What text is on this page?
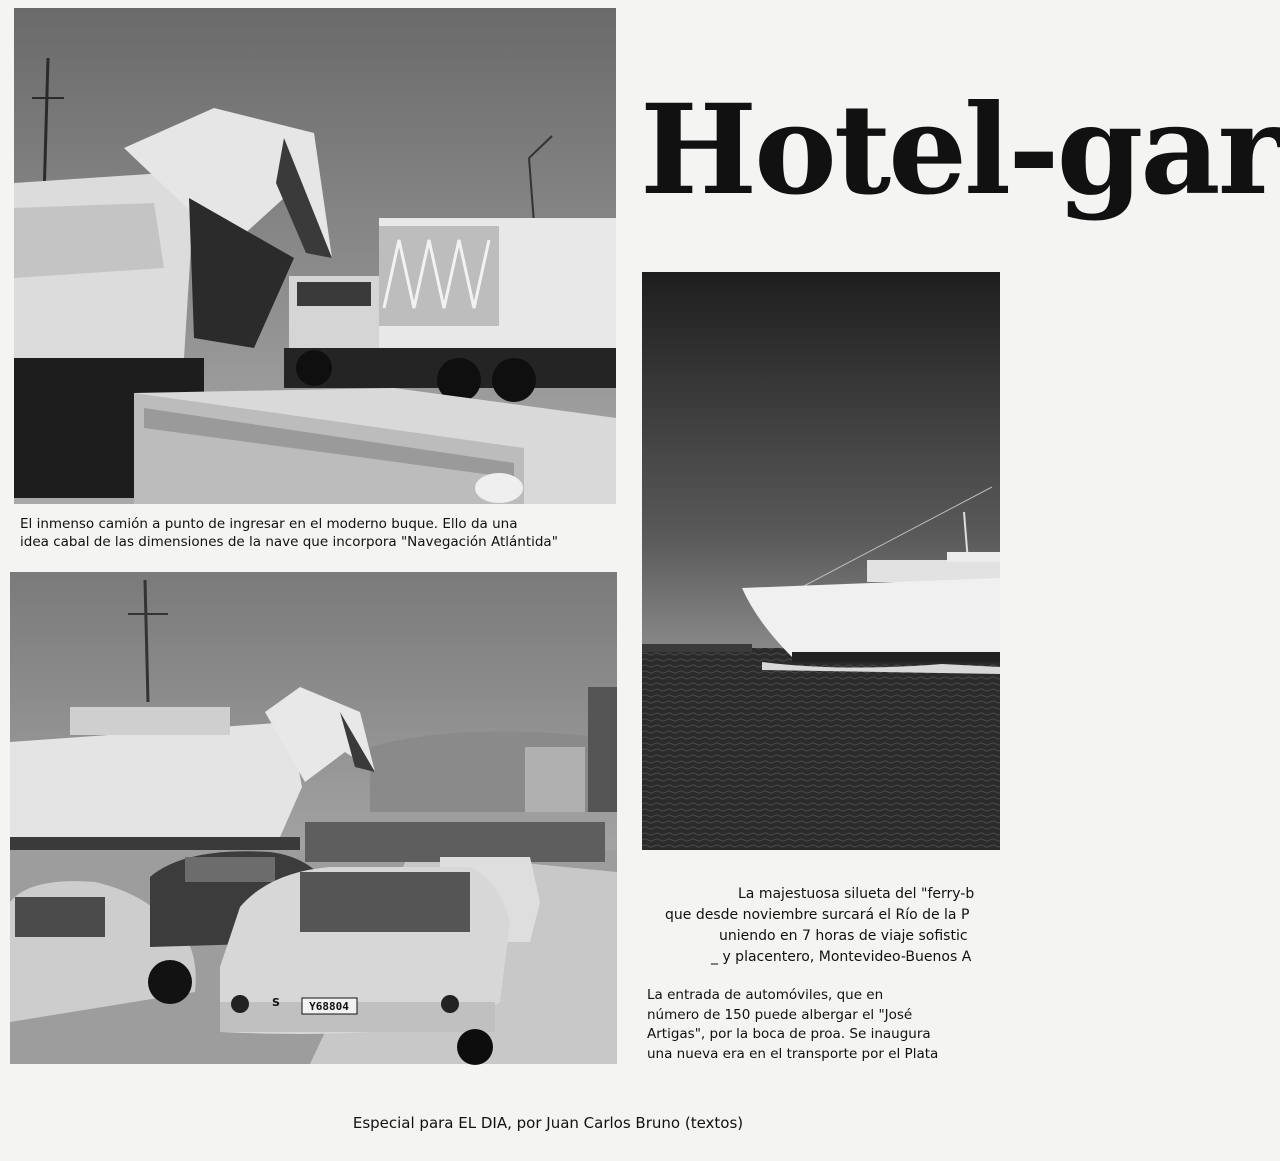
El inmenso camión a punto de ingresar en el moderno buque. Ello da una
idea cabal de las dimensiones de la nave que incorpora "Navegación Atlántida"

Y68804
S
Hotel-gar

La majestuosa silueta del "ferry-b
que desde noviembre surcará el Río de la P
uniendo en 7 horas de viaje sofistic
_ y placentero, Montevideo-Buenos A

La entrada de automóviles, que en
número de 150 puede albergar el "José
Artigas", por la boca de proa. Se inaugura
una nueva era en el transporte por el Plata

Especial para EL DIA, por Juan Carlos Bruno (textos)
